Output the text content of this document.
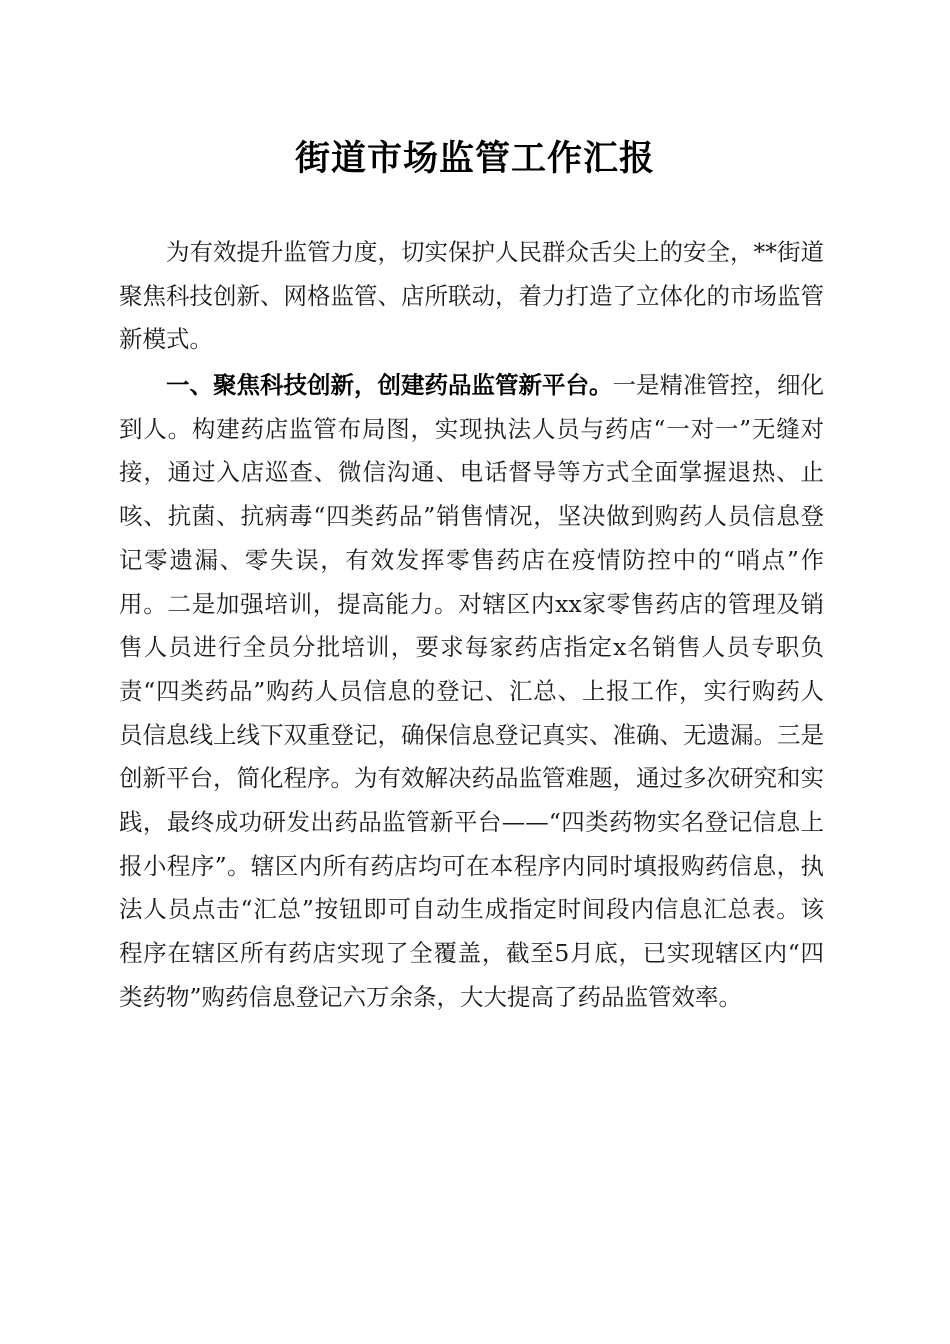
街道市场监管工作汇报

为有效提升监管力度，切实保护人民群众舌尖上的安全，**街道聚焦科技创新、网格监管、店所联动，着力打造了立体化的市场监管新模式。

一、聚焦科技创新，创建药品监管新平台。一是精准管控，细化到人。构建药店监管布局图，实现执法人员与药店“一对一”无缝对接，通过入店巡查、微信沟通、电话督导等方式全面掌握退热、止咳、抗菌、抗病毒“四类药品”销售情况，坚决做到购药人员信息登记零遗漏、零失误，有效发挥零售药店在疫情防控中的“哨点”作用。二是加强培训，提高能力。对辖区内xx家零售药店的管理及销售人员进行全员分批培训，要求每家药店指定x名销售人员专职负责“四类药品”购药人员信息的登记、汇总、上报工作，实行购药人员信息线上线下双重登记，确保信息登记真实、准确、无遗漏。三是创新平台，简化程序。为有效解决药品监管难题，通过多次研究和实践，最终成功研发出药品监管新平台——“四类药物实名登记信息上报小程序”。辖区内所有药店均可在本程序内同时填报购药信息，执法人员点击“汇总”按钮即可自动生成指定时间段内信息汇总表。该程序在辖区所有药店实现了全覆盖，截至5月底，已实现辖区内“四类药物”购药信息登记六万余条，大大提高了药品监管效率。
